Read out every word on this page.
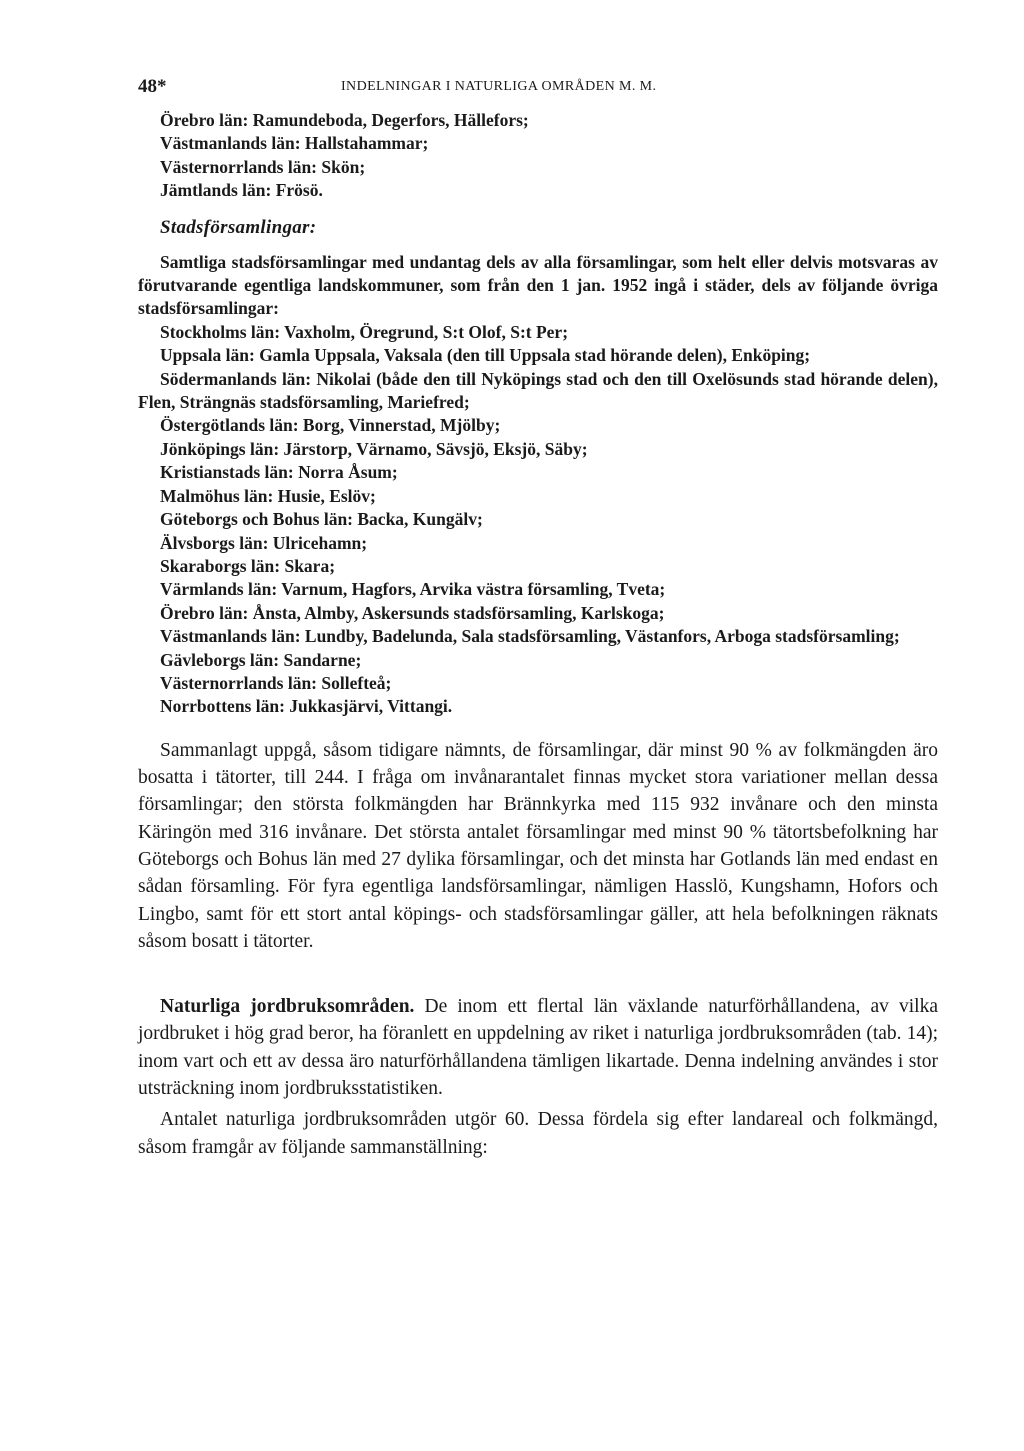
48*	INDELNINGAR I NATURLIGA OMRÅDEN M. M.
Örebro län: Ramundeboda, Degerfors, Hällefors;
Västmanlands län: Hallstahammar;
Västernorrlands län: Skön;
Jämtlands län: Frösö.
Stadsförsamlingar:
Samtliga stadsförsamlingar med undantag dels av alla församlingar, som helt eller delvis motsvaras av förutvarande egentliga landskommuner, som från den 1 jan. 1952 ingå i städer, dels av följande övriga stadsförsamlingar:
Stockholms län: Vaxholm, Öregrund, S:t Olof, S:t Per;
Uppsala län: Gamla Uppsala, Vaksala (den till Uppsala stad hörande delen), Enköping;
Södermanlands län: Nikolai (både den till Nyköpings stad och den till Oxelösunds stad hörande delen), Flen, Strängnäs stadsförsamling, Mariefred;
Östergötlands län: Borg, Vinnerstad, Mjölby;
Jönköpings län: Järstorp, Värnamo, Sävsjö, Eksjö, Säby;
Kristianstads län: Norra Åsum;
Malmöhus län: Husie, Eslöv;
Göteborgs och Bohus län: Backa, Kungälv;
Älvsborgs län: Ulricehamn;
Skaraborgs län: Skara;
Värmlands län: Varnum, Hagfors, Arvika västra församling, Tveta;
Örebro län: Ånsta, Almby, Askersunds stadsförsamling, Karlskoga;
Västmanlands län: Lundby, Badelunda, Sala stadsförsamling, Västanfors, Arboga stadsförsamling;
Gävleborgs län: Sandarne;
Västernorrlands län: Sollefteå;
Norrbottens län: Jukkasjärvi, Vittangi.

Sammanlagt uppgå, såsom tidigare nämnts, de församlingar, där minst 90 % av folkmängden äro bosatta i tätorter, till 244. I fråga om invånarantalet finnas mycket stora variationer mellan dessa församlingar; den största folkmängden har Brännkyrka med 115 932 invånare och den minsta Käringön med 316 invånare. Det största antalet församlingar med minst 90 % tätortsbefolkning har Göteborgs och Bohus län med 27 dylika församlingar, och det minsta har Gotlands län med endast en sådan församling. För fyra egentliga landsförsamlingar, nämligen Hasslö, Kungshamn, Hofors och Lingbo, samt för ett stort antal köpings- och stadsförsamlingar gäller, att hela befolkningen räknats såsom bosatt i tätorter.

Naturliga jordbruksområden. De inom ett flertal län växlande naturförhållandena, av vilka jordbruket i hög grad beror, ha föranlett en uppdelning av riket i naturliga jordbruksområden (tab. 14); inom vart och ett av dessa äro naturförhållandena tämligen likartade. Denna indelning användes i stor utsträckning inom jordbruksstatistiken.

Antalet naturliga jordbruksområden utgör 60. Dessa fördela sig efter landareal och folkmängd, såsom framgår av följande sammanställning:
